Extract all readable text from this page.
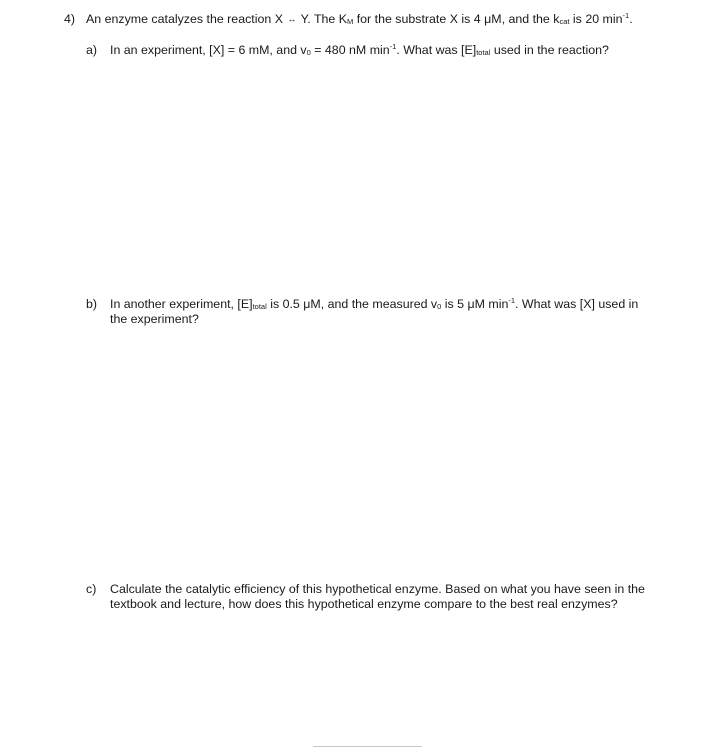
4) An enzyme catalyzes the reaction X ↔ Y. The $K_M$ for the substrate X is 4 μM, and the $k_{cat}$ is 20 $\min^{-1}$.
a) In an experiment, [X] = 6 mM, and $v_0 = 480$ nM $\min^{-1}$. What was $[E]_{total}$ used in the reaction?
b) In another experiment, $[E]_{total}$ is 0.5 μM, and the measured $v_0$ is 5 μM $\min^{-1}$. What was [X] used in
the experiment?
c) Calculate the catalytic efficiency of this hypothetical enzyme. Based on what you have seen in the
textbook and lecture, how does this hypothetical enzyme compare to the best real enzymes?
